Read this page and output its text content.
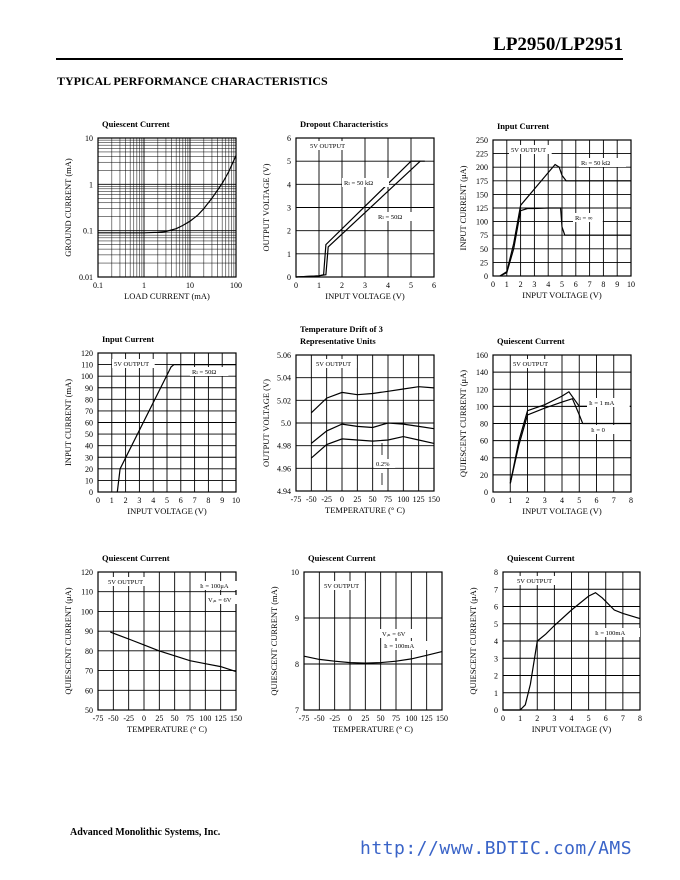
LP2950/LP2951
TYPICAL PERFORMANCE CHARACTERISTICS
0.1	1	10	100
0.01
0.1
1
10
Quiescent Current
LOAD CURRENT (mA)
GROUND CURRENT (mA)
0 1 2 3 4 5 6
0
1
2
3
4
5
6
Dropout Characteristics
INPUT VOLTAGE (V)
OUTPUT VOLTAGE (V)
5V OUTPUT
Rₗ = 50 kΩ
Rₗ = 50Ω
0 1 2 3 4 5 6 7 8 9 10
0
25
50
75
100
125
150
175
200
225
250
Input Current
INPUT VOLTAGE (V)
INPUT CURRENT (μA)
5V OUTPUT
Rₗ = 50 kΩ
Rₗ = ∞
0 1 2 3 4 5 6 7 8 9 10
0
10
20
30
40
50
60
70
80
90
100
110
120
Input Current
INPUT VOLTAGE (V)
INPUT CURRENT (mA)
5V OUTPUT
Rₗ = 50Ω
-75 -50 -25 0 25 50 75 100 125 150
4.94
4.96
4.98
5.0
5.02
5.04
5.06
Temperature Drift of 3
Representative Units
TEMPERATURE (° C)
OUTPUT VOLTAGE (V)
5V OUTPUT
0.2%
0 1 2 3 4 5 6 7 8
0
20
40
60
80
100
120
140
160
Quiescent Current
INPUT VOLTAGE (V)
QUIESCENT CURRENT (μA)
5V OUTPUT
Iₗ = 1 mA
Iₗ = 0
-75 -50 -25 0 25 50 75 100 125 150
50
60
70
80
90
100
110
120
Quiescent Current
TEMPERATURE (° C)
QUIESCENT CURRENT (μA)
5V OUTPUT
Iₗ = 100μA
Vᵢₙ = 6V
-75 -50 -25 0 25 50 75 100 125 150
7
8
9
10
Quiescent Current
TEMPERATURE (° C)
QUIESCENT CURRENT (mA)	5V OUTPUT
Vᵢₙ = 6V
Iₗ = 100mA
0 1 2 3 4 5 6 7 8
0
1
2
3
4
5
6
7
8
Quiescent Current
INPUT VOLTAGE (V)
QUIESCENT CURRENT (μA)
5V OUTPUT
Iₗ = 100mA
Advanced Monolithic Systems, Inc.
http://www.BDTIC.com/AMS
